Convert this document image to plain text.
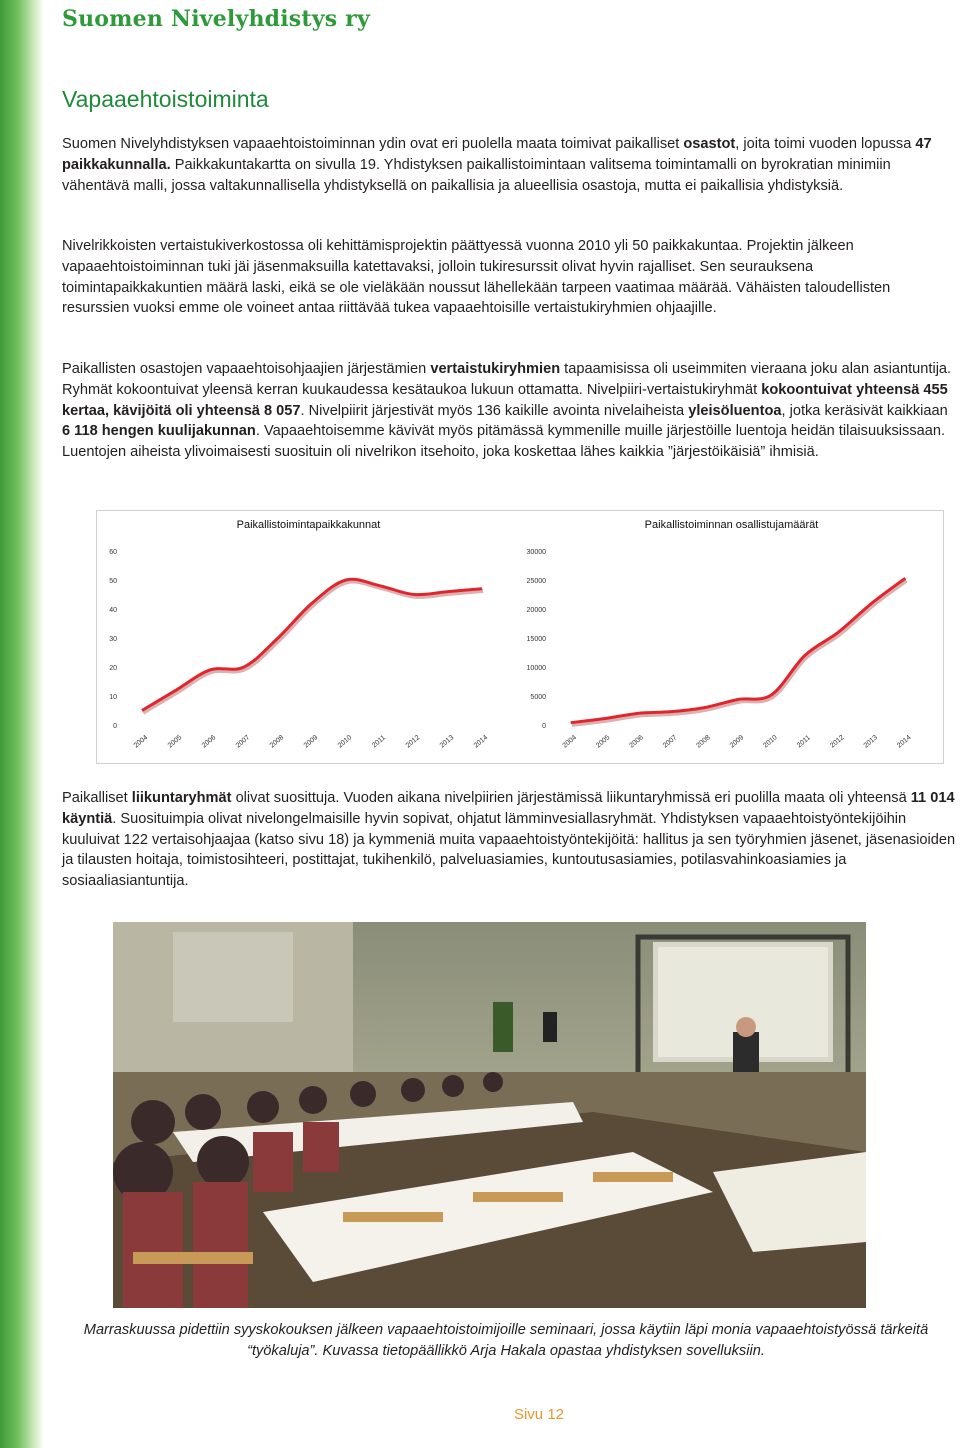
Suomen Nivelyhdistys ry
Vapaaehtoistoiminta

Suomen Nivelyhdistyksen vapaaehtoistoiminnan ydin ovat eri puolella maata toimivat paikalliset osastot, joita toimi vuoden lopussa 47 paikkakunnalla. Paikkakuntakartta on sivulla 19. Yhdistyksen paikallistoimintaan valitsema toimintamalli on byrokratian minimiin vähentävä malli, jossa valtakunnallisella yhdistyksellä on paikallisia ja alueellisia osastoja, mutta ei paikallisia yhdistyksiä.

Nivelrikkoisten vertaistukiverkostossa oli kehittämisprojektin päättyessä vuonna 2010 yli 50 paikkakuntaa. Projektin jälkeen vapaaehtoistoiminnan tuki jäi jäsenmaksuilla katettavaksi, jolloin tukiresurssit olivat hyvin rajalliset. Sen seurauksena toimintapaikkakuntien määrä laski, eikä se ole vieläkään noussut lähellekään tarpeen vaatimaa määrää. Vähäisten taloudellisten resurssien vuoksi emme ole voineet antaa riittävää tukea vapaaehtoisille vertaistukiryhmien ohjaajille.

Paikallisten osastojen vapaaehtoisohjaajien järjestämien vertaistukiryhmien tapaamisissa oli useimmiten vieraana joku alan asiantuntija. Ryhmät kokoontuivat yleensä kerran kuukaudessa kesätaukoa lukuun ottamatta. Nivelpiiri-vertaistukiryhmät kokoontuivat yhteensä 455 kertaa, kävijöitä oli yhteensä 8 057. Nivelpiirit järjestivät myös 136 kaikille avointa nivelaiheista yleisöluentoa, jotka keräsivät kaikkiaan 6 118 hengen kuulijakunnan. Vapaaehtoisemme kävivät myös pitämässä kymmenille muille järjestöille luentoja heidän tilaisuuksissaan. Luentojen aiheista ylivoimaisesti suosituin oli nivelrikon itsehoito, joka koskettaa lähes kaikkia ”järjestöikäisiä” ihmisiä.

Paikallistoimintapaikkakunnat
0
10
20
30
40
50
60
2004	2005	2006	2007	2008	2009	2010	2011	2012	2013	2014
Paikallistoiminnan osallistujamäärät
0
5000
10000
15000
20000
25000
30000
2004 2005 2006 2007 2008 2009 2010 2011 2012 2013 2014

Paikalliset liikuntaryhmät olivat suosittuja. Vuoden aikana nivelpiirien järjestämissä liikuntaryhmissä eri puolilla maata oli yhteensä 11 014 käyntiä. Suosituimpia olivat nivelongelmaisille hyvin sopivat, ohjatut lämminvesiallasryhmät. Yhdistyksen vapaaehtoistyöntekijöihin kuuluivat 122 vertaisohjaajaa (katso sivu 18) ja kymmeniä muita vapaaehtoistyöntekijöitä: hallitus ja sen työryhmien jäsenet, jäsenasioiden ja tilausten hoitaja, toimistosihteeri, postittajat, tukihenkilö, palveluasiamies, kuntoutusasiamies, potilasvahinkoasiamies ja sosiaaliasiantuntija.

Marraskuussa pidettiin syyskokouksen jälkeen vapaaehtoistoimijoille seminaari, jossa käytiin läpi monia vapaaehtoistyössä tärkeitä “työkaluja”. Kuvassa tietopäällikkö Arja Hakala opastaa yhdistyksen sovelluksiin.

Sivu 12
